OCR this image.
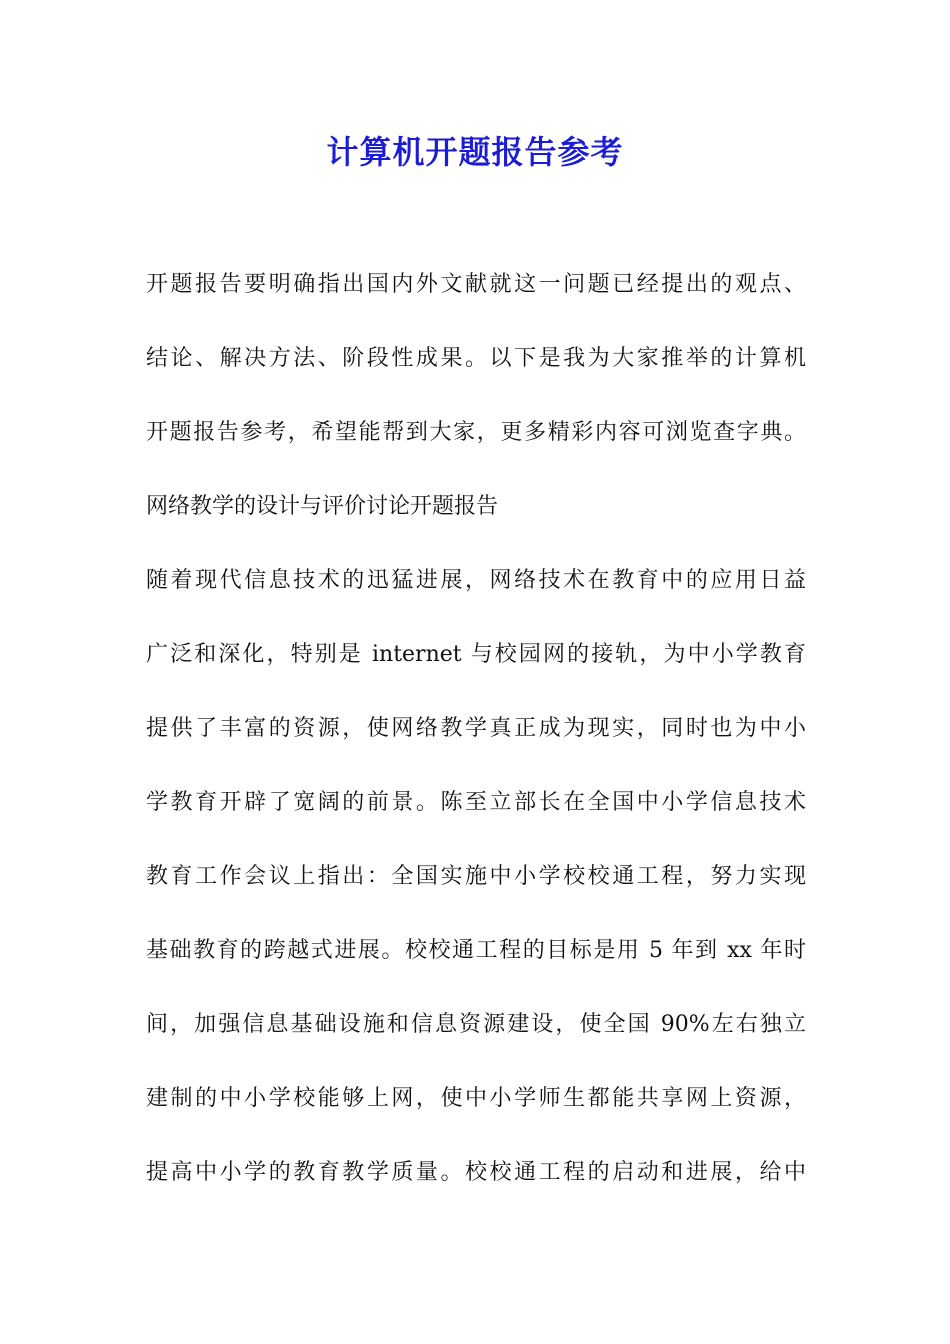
计算机开题报告参考

开题报告要明确指出国内外文献就这一问题已经提出的观点、

结论、解决方法、阶段性成果。以下是我为大家推举的计算机

开题报告参考，希望能帮到大家，更多精彩内容可浏览查字典。

网络教学的设计与评价讨论开题报告

随着现代信息技术的迅猛进展，网络技术在教育中的应用日益

广泛和深化，特别是 internet 与校园网的接轨，为中小学教育

提供了丰富的资源，使网络教学真正成为现实，同时也为中小

学教育开辟了宽阔的前景。陈至立部长在全国中小学信息技术

教育工作会议上指出：全国实施中小学校校通工程，努力实现

基础教育的跨越式进展。校校通工程的目标是用 5 年到 xx 年时

间，加强信息基础设施和信息资源建设，使全国 90%左右独立

建制的中小学校能够上网，使中小学师生都能共享网上资源，

提高中小学的教育教学质量。校校通工程的启动和进展，给中
